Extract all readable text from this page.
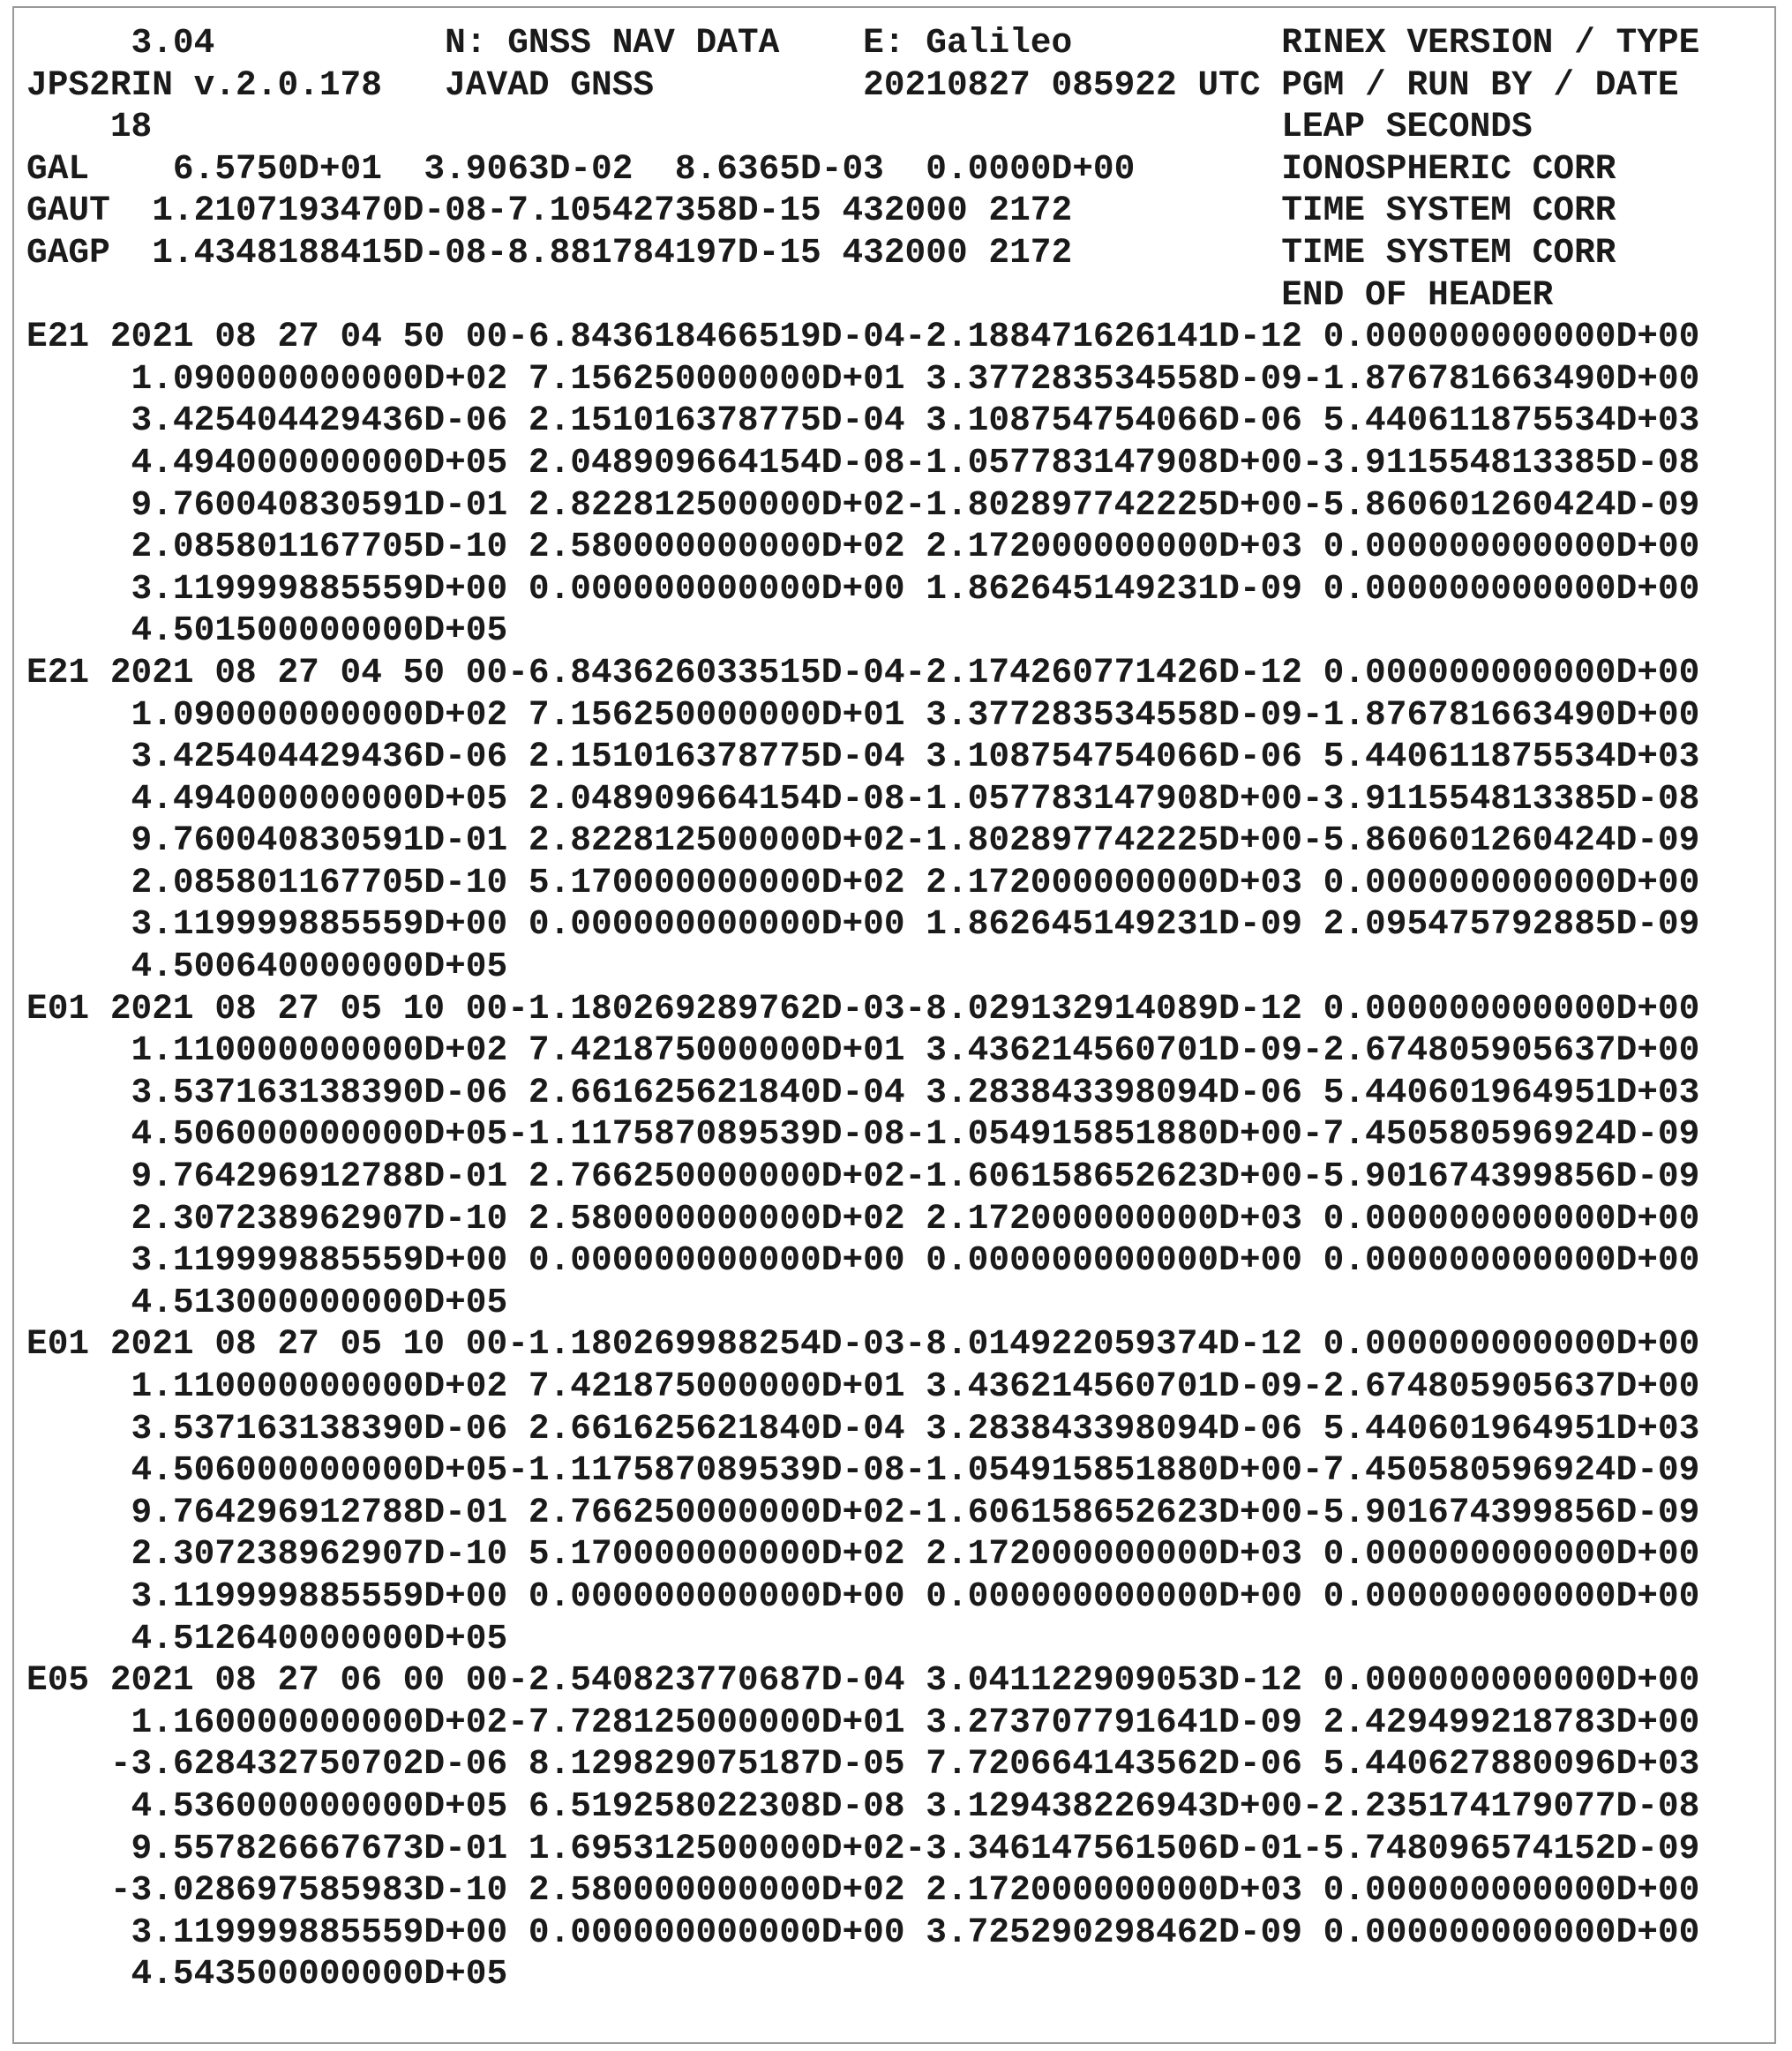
3.04           N: GNSS NAV DATA    E: Galileo          RINEX VERSION / TYPE
JPS2RIN v.2.0.178   JAVAD GNSS          20210827 085922 UTC PGM / RUN BY / DATE
18                                                      LEAP SECONDS
GAL    6.5750D+01  3.9063D-02  8.6365D-03  0.0000D+00       IONOSPHERIC CORR
GAUT  1.2107193470D-08-7.105427358D-15 432000 2172          TIME SYSTEM CORR
GAGP  1.4348188415D-08-8.881784197D-15 432000 2172          TIME SYSTEM CORR
END OF HEADER
E21 2021 08 27 04 50 00-6.843618466519D-04-2.188471626141D-12 0.000000000000D+00
1.090000000000D+02 7.156250000000D+01 3.377283534558D-09-1.876781663490D+00
3.425404429436D-06 2.151016378775D-04 3.108754754066D-06 5.440611875534D+03
4.494000000000D+05 2.048909664154D-08-1.057783147908D+00-3.911554813385D-08
9.760040830591D-01 2.822812500000D+02-1.802897742225D+00-5.860601260424D-09
2.085801167705D-10 2.580000000000D+02 2.172000000000D+03 0.000000000000D+00
3.119999885559D+00 0.000000000000D+00 1.862645149231D-09 0.000000000000D+00
4.501500000000D+05
E21 2021 08 27 04 50 00-6.843626033515D-04-2.174260771426D-12 0.000000000000D+00
1.090000000000D+02 7.156250000000D+01 3.377283534558D-09-1.876781663490D+00
3.425404429436D-06 2.151016378775D-04 3.108754754066D-06 5.440611875534D+03
4.494000000000D+05 2.048909664154D-08-1.057783147908D+00-3.911554813385D-08
9.760040830591D-01 2.822812500000D+02-1.802897742225D+00-5.860601260424D-09
2.085801167705D-10 5.170000000000D+02 2.172000000000D+03 0.000000000000D+00
3.119999885559D+00 0.000000000000D+00 1.862645149231D-09 2.095475792885D-09
4.500640000000D+05
E01 2021 08 27 05 10 00-1.180269289762D-03-8.029132914089D-12 0.000000000000D+00
1.110000000000D+02 7.421875000000D+01 3.436214560701D-09-2.674805905637D+00
3.537163138390D-06 2.661625621840D-04 3.283843398094D-06 5.440601964951D+03
4.506000000000D+05-1.117587089539D-08-1.054915851880D+00-7.450580596924D-09
9.764296912788D-01 2.766250000000D+02-1.606158652623D+00-5.901674399856D-09
2.307238962907D-10 2.580000000000D+02 2.172000000000D+03 0.000000000000D+00
3.119999885559D+00 0.000000000000D+00 0.000000000000D+00 0.000000000000D+00
4.513000000000D+05
E01 2021 08 27 05 10 00-1.180269988254D-03-8.014922059374D-12 0.000000000000D+00
1.110000000000D+02 7.421875000000D+01 3.436214560701D-09-2.674805905637D+00
3.537163138390D-06 2.661625621840D-04 3.283843398094D-06 5.440601964951D+03
4.506000000000D+05-1.117587089539D-08-1.054915851880D+00-7.450580596924D-09
9.764296912788D-01 2.766250000000D+02-1.606158652623D+00-5.901674399856D-09
2.307238962907D-10 5.170000000000D+02 2.172000000000D+03 0.000000000000D+00
3.119999885559D+00 0.000000000000D+00 0.000000000000D+00 0.000000000000D+00
4.512640000000D+05
E05 2021 08 27 06 00 00-2.540823770687D-04 3.041122909053D-12 0.000000000000D+00
1.160000000000D+02-7.728125000000D+01 3.273707791641D-09 2.429499218783D+00
-3.628432750702D-06 8.129829075187D-05 7.720664143562D-06 5.440627880096D+03
4.536000000000D+05 6.519258022308D-08 3.129438226943D+00-2.235174179077D-08
9.557826667673D-01 1.695312500000D+02-3.346147561506D-01-5.748096574152D-09
-3.028697585983D-10 2.580000000000D+02 2.172000000000D+03 0.000000000000D+00
3.119999885559D+00 0.000000000000D+00 3.725290298462D-09 0.000000000000D+00
4.543500000000D+05
